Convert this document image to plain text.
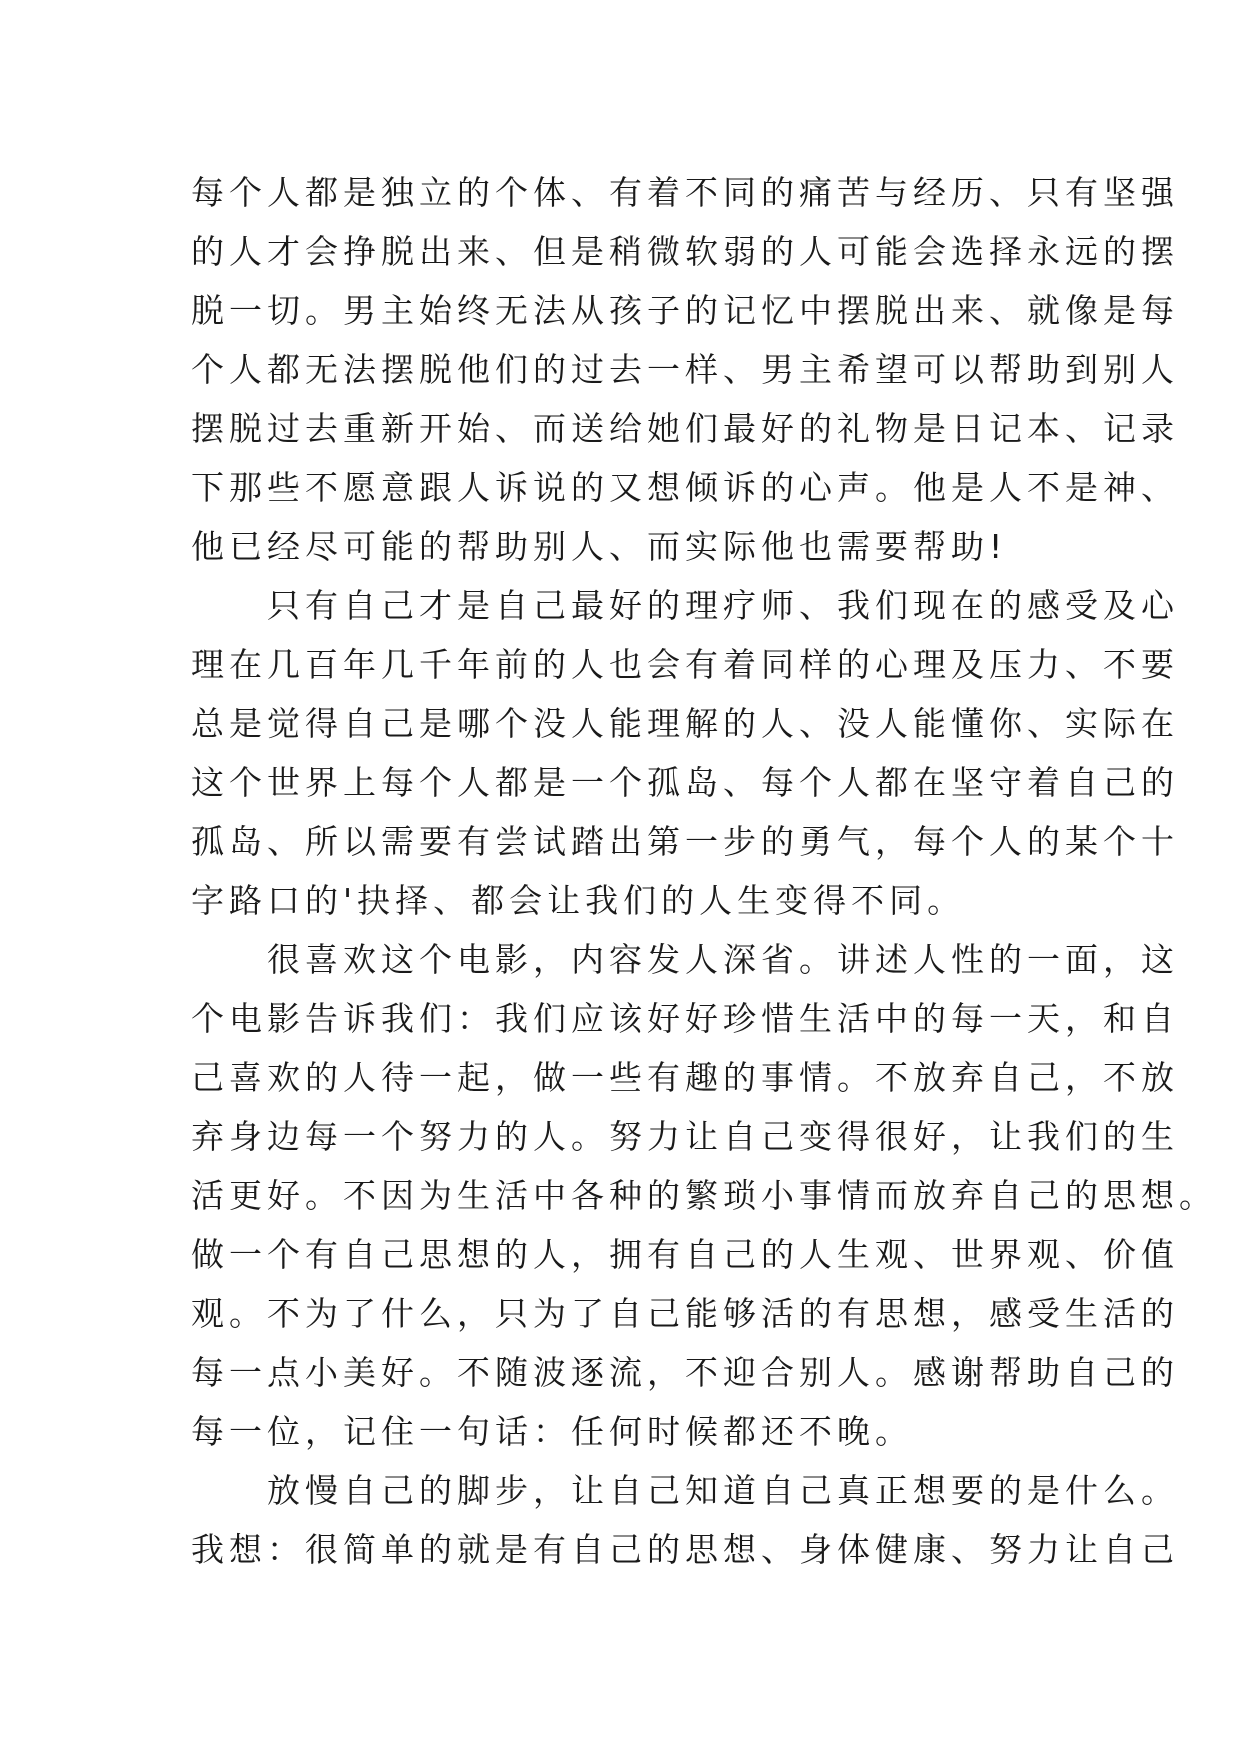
每个人都是独立的个体、有着不同的痛苦与经历、只有坚强
的人才会挣脱出来、但是稍微软弱的人可能会选择永远的摆
脱一切。男主始终无法从孩子的记忆中摆脱出来、就像是每
个人都无法摆脱他们的过去一样、男主希望可以帮助到别人
摆脱过去重新开始、而送给她们最好的礼物是日记本、记录
下那些不愿意跟人诉说的又想倾诉的心声。他是人不是神、
他已经尽可能的帮助别人、而实际他也需要帮助!
　　只有自己才是自己最好的理疗师、我们现在的感受及心
理在几百年几千年前的人也会有着同样的心理及压力、不要
总是觉得自己是哪个没人能理解的人、没人能懂你、实际在
这个世界上每个人都是一个孤岛、每个人都在坚守着自己的
孤岛、所以需要有尝试踏出第一步的勇气，每个人的某个十
字路口的'抉择、都会让我们的人生变得不同。
　　很喜欢这个电影，内容发人深省。讲述人性的一面，这
个电影告诉我们：我们应该好好珍惜生活中的每一天，和自
己喜欢的人待一起，做一些有趣的事情。不放弃自己，不放
弃身边每一个努力的人。努力让自己变得很好，让我们的生
活更好。不因为生活中各种的繁琐小事情而放弃自己的思想。
做一个有自己思想的人，拥有自己的人生观、世界观、价值
观。不为了什么，只为了自己能够活的有思想，感受生活的
每一点小美好。不随波逐流，不迎合别人。感谢帮助自己的
每一位，记住一句话：任何时候都还不晚。
　　放慢自己的脚步，让自己知道自己真正想要的是什么。
我想：很简单的就是有自己的思想、身体健康、努力让自己
